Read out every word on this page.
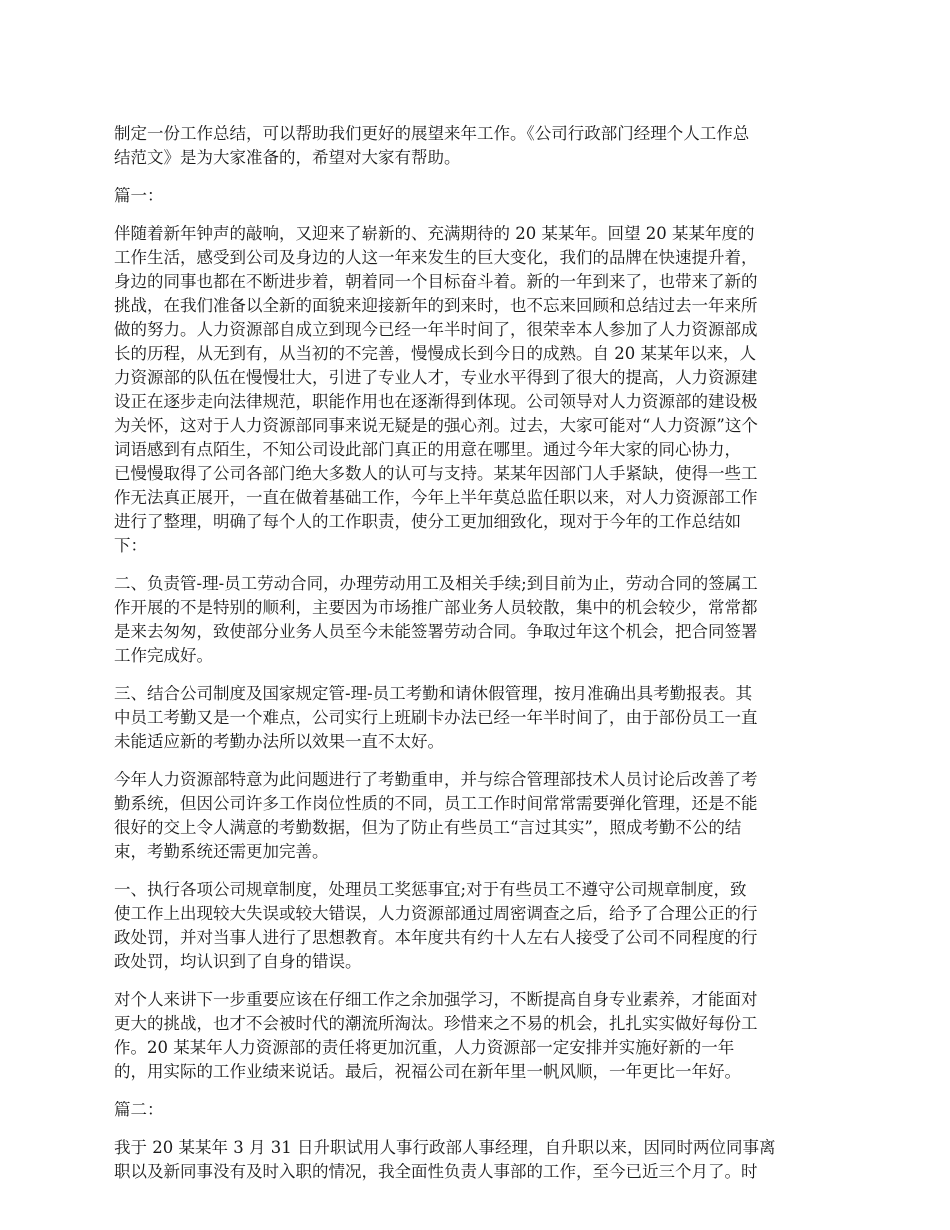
制定一份工作总结，可以帮助我们更好的展望来年工作。《公司行政部门经理个人工作总
结范文》是为大家准备的，希望对大家有帮助。

篇一：

伴随着新年钟声的敲响，又迎来了崭新的、充满期待的 20 某某年。回望 20 某某年度的
工作生活，感受到公司及身边的人这一年来发生的巨大变化，我们的品牌在快速提升着，
身边的同事也都在不断进步着，朝着同一个目标奋斗着。新的一年到来了，也带来了新的
挑战，在我们准备以全新的面貌来迎接新年的到来时，也不忘来回顾和总结过去一年来所
做的努力。人力资源部自成立到现今已经一年半时间了，很荣幸本人参加了人力资源部成
长的历程，从无到有，从当初的不完善，慢慢成长到今日的成熟。自 20 某某年以来，人
力资源部的队伍在慢慢壮大，引进了专业人才，专业水平得到了很大的提高，人力资源建
设正在逐步走向法律规范，职能作用也在逐渐得到体现。公司领导对人力资源部的建设极
为关怀，这对于人力资源部同事来说无疑是的强心剂。过去，大家可能对“人力资源”这个
词语感到有点陌生，不知公司设此部门真正的用意在哪里。通过今年大家的同心协力，
已慢慢取得了公司各部门绝大多数人的认可与支持。某某年因部门人手紧缺，使得一些工
作无法真正展开，一直在做着基础工作，今年上半年莫总监任职以来，对人力资源部工作
进行了整理，明确了每个人的工作职责，使分工更加细致化，现对于今年的工作总结如
下：

二、负责管-理-员工劳动合同，办理劳动用工及相关手续;到目前为止，劳动合同的签属工
作开展的不是特别的顺利，主要因为市场推广部业务人员较散，集中的机会较少，常常都
是来去匆匆，致使部分业务人员至今未能签署劳动合同。争取过年这个机会，把合同签署
工作完成好。

三、结合公司制度及国家规定管-理-员工考勤和请休假管理，按月准确出具考勤报表。其
中员工考勤又是一个难点，公司实行上班刷卡办法已经一年半时间了，由于部份员工一直
未能适应新的考勤办法所以效果一直不太好。

今年人力资源部特意为此问题进行了考勤重申，并与综合管理部技术人员讨论后改善了考
勤系统，但因公司许多工作岗位性质的不同，员工工作时间常常需要弹化管理，还是不能
很好的交上令人满意的考勤数据，但为了防止有些员工“言过其实”，照成考勤不公的结
束，考勤系统还需更加完善。

一、执行各项公司规章制度，处理员工奖惩事宜;对于有些员工不遵守公司规章制度，致
使工作上出现较大失误或较大错误，人力资源部通过周密调查之后，给予了合理公正的行
政处罚，并对当事人进行了思想教育。本年度共有约十人左右人接受了公司不同程度的行
政处罚，均认识到了自身的错误。

对个人来讲下一步重要应该在仔细工作之余加强学习，不断提高自身专业素养，才能面对
更大的挑战，也才不会被时代的潮流所淘汰。珍惜来之不易的机会，扎扎实实做好每份工
作。20 某某年人力资源部的责任将更加沉重，人力资源部一定安排并实施好新的一年
的，用实际的工作业绩来说话。最后，祝福公司在新年里一帆风顺，一年更比一年好。

篇二：

我于 20 某某年 3 月 31 日升职试用人事行政部人事经理，自升职以来，因同时两位同事离
职以及新同事没有及时入职的情况，我全面性负责人事部的工作，至今已近三个月了。时
